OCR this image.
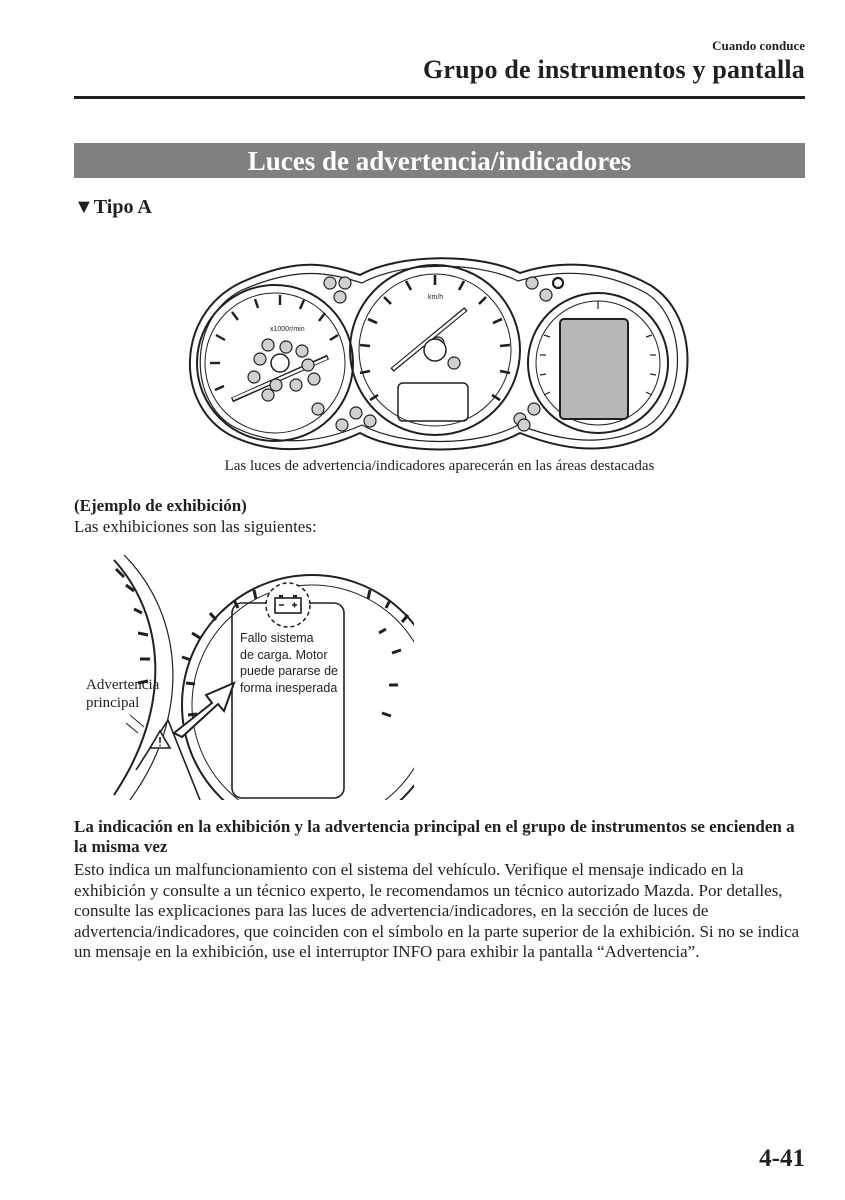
Cuando conduce
Grupo de instrumentos y pantalla
Luces de advertencia/indicadores
▼Tipo A
x1000r/min
km/h
Las luces de advertencia/indicadores aparecerán en las áreas destacadas
(Ejemplo de exhibición)
Las exhibiciones son las siguientes:
Fallo sistema
de carga. Motor
puede pararse de
forma inesperada
Advertencia
principal
La indicación en la exhibición y la advertencia principal en el grupo de instrumentos se encienden a la misma vez
Esto indica un malfuncionamiento con el sistema del vehículo. Verifique el mensaje indicado en la exhibición y consulte a un técnico experto, le recomendamos un técnico autorizado Mazda. Por detalles, consulte las explicaciones para las luces de advertencia/indicadores, en la sección de luces de advertencia/indicadores, que coinciden con el símbolo en la parte superior de la exhibición. Si no se indica un mensaje en la exhibición, use el interruptor INFO para exhibir la pantalla “Advertencia”.
4-41
